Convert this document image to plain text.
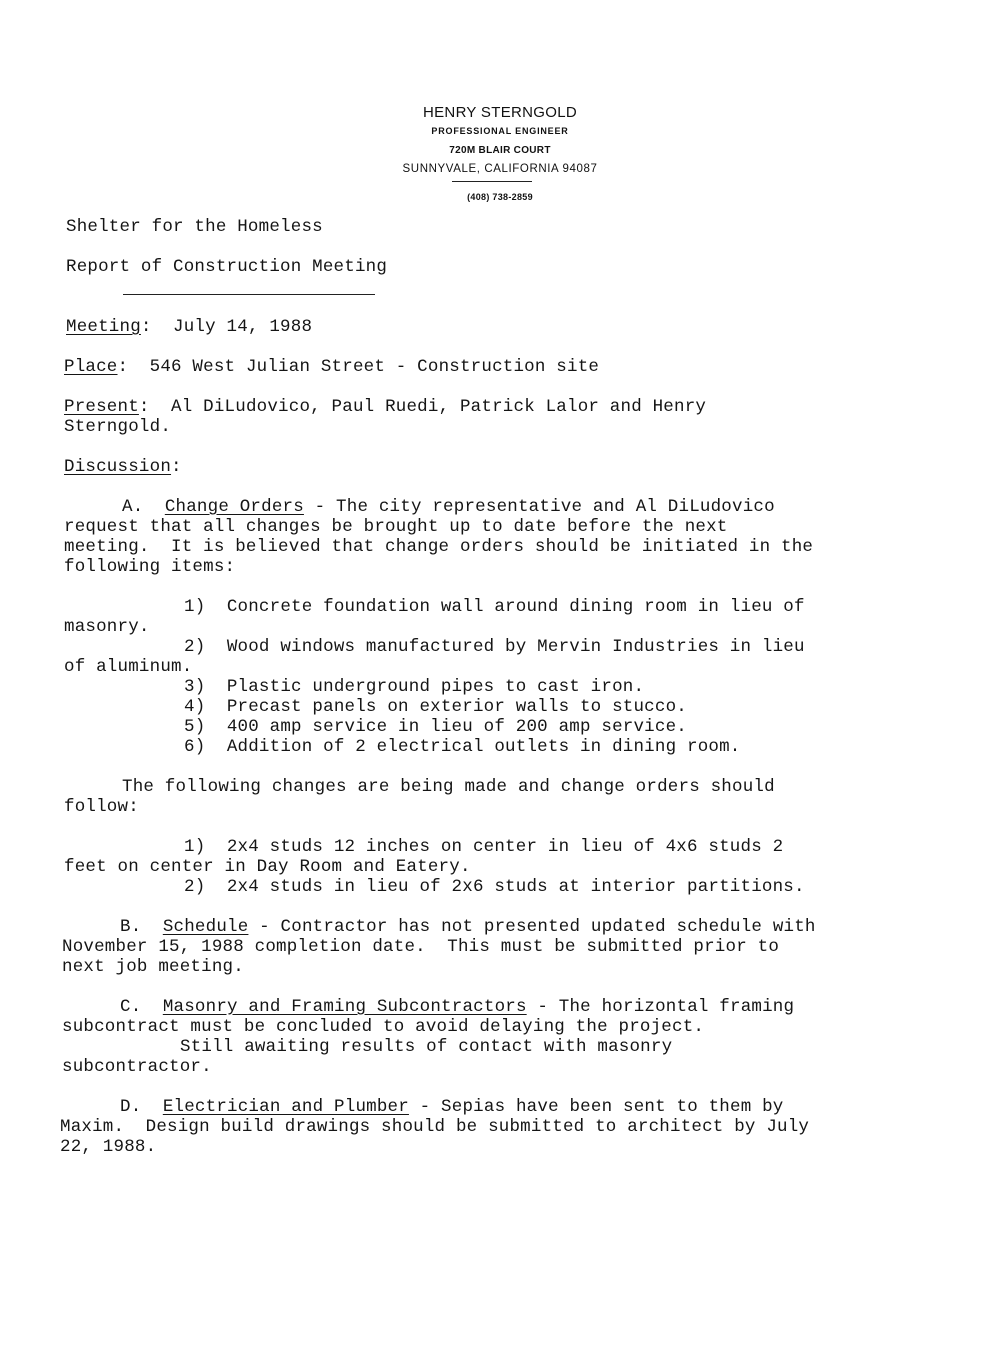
HENRY STERNGOLD
PROFESSIONAL ENGINEER
720M BLAIR COURT
SUNNYVALE, CALIFORNIA 94087
(408) 738-2859
Shelter for the Homeless
Report of Construction Meeting
Meeting:  July 14, 1988
Place:  546 West Julian Street - Construction site
Present:  Al DiLudovico, Paul Ruedi, Patrick Lalor and Henry
Sterngold.
Discussion:
A. Change Orders - The city representative and Al DiLudovico
request that all changes be brought up to date before the next
meeting.  It is believed that change orders should be initiated in the
following items:
1) Concrete foundation wall around dining room in lieu of
masonry.
2) Wood windows manufactured by Mervin Industries in lieu
of aluminum.
3) Plastic underground pipes to cast iron.
4) Precast panels on exterior walls to stucco.
5) 400 amp service in lieu of 200 amp service.
6) Addition of 2 electrical outlets in dining room.
The following changes are being made and change orders should
follow:
1) 2x4 studs 12 inches on center in lieu of 4x6 studs 2
feet on center in Day Room and Eatery.
2) 2x4 studs in lieu of 2x6 studs at interior partitions.
B. Schedule - Contractor has not presented updated schedule with
November 15, 1988 completion date.  This must be submitted prior to
next job meeting.
C. Masonry and Framing Subcontractors - The horizontal framing
subcontract must be concluded to avoid delaying the project.
Still awaiting results of contact with masonry
subcontractor.
D. Electrician and Plumber - Sepias have been sent to them by
Maxim.  Design build drawings should be submitted to architect by July
22, 1988.
